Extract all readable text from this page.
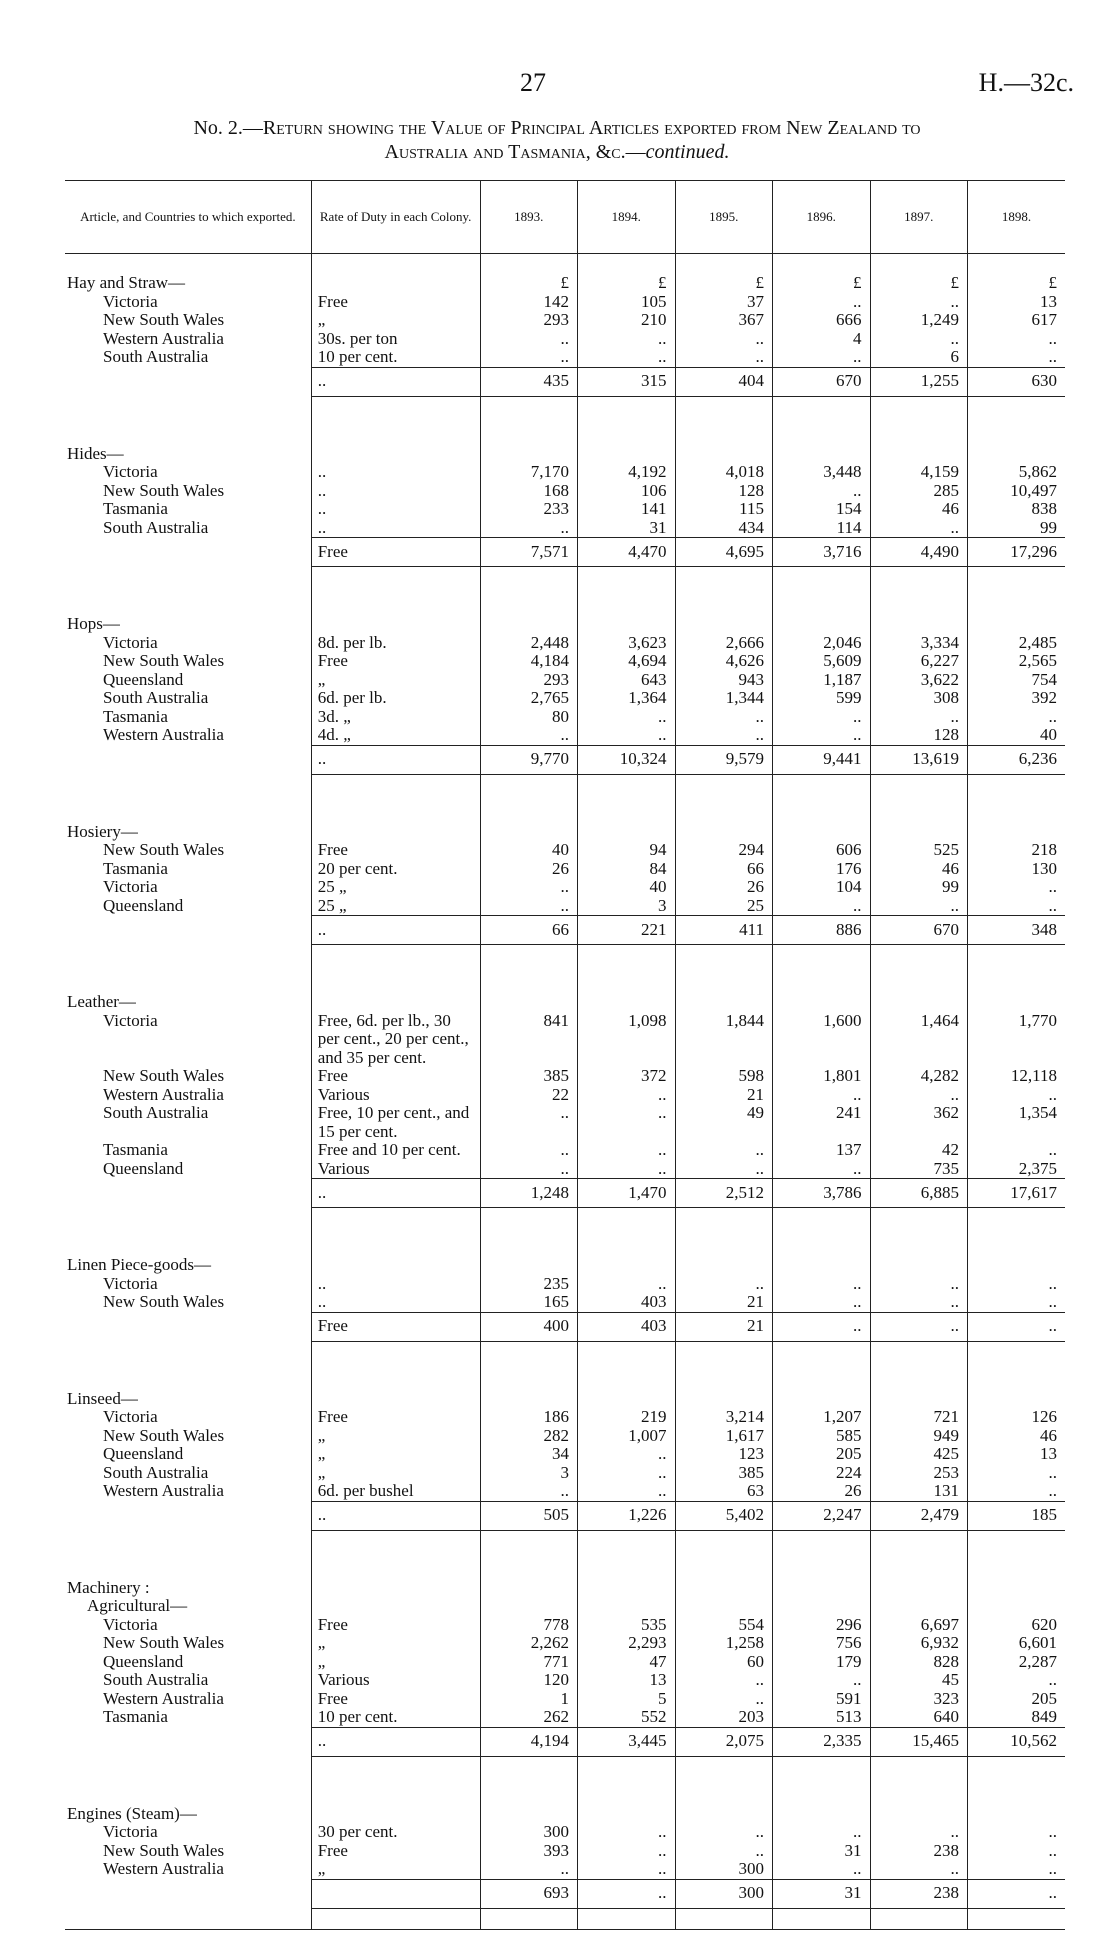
27	H.—32c.
No. 2.—Return showing the Value of Principal Articles exported from New Zealand to
Australia and Tasmania, &c.—continued.
Article, and Countries to which exported.	Rate of Duty in each Colony.	1893.	1894.	1895.	1896.	1897.	1898.

Hay and Straw—		£	£	£	£	£	£
Victoria	Free	142	105	37	..	..	13
New South Wales	„	293	210	367	666	1,249	617
Western Australia	30s. per ton	..	..	..	4	..	..
South Australia	10 per cent.	..	..	..	..	6	..

	..	435	315	404	670	1,255	630

Hides—							
Victoria	..	7,170	4,192	4,018	3,448	4,159	5,862
New South Wales	..	168	106	128	..	285	10,497
Tasmania	..	233	141	115	154	46	838
South Australia	..	..	31	434	114	..	99

	Free	7,571	4,470	4,695	3,716	4,490	17,296

Hops—							
Victoria	8d. per lb.	2,448	3,623	2,666	2,046	3,334	2,485
New South Wales	Free	4,184	4,694	4,626	5,609	6,227	2,565
Queensland	„	293	643	943	1,187	3,622	754
South Australia	6d. per lb.	2,765	1,364	1,344	599	308	392
Tasmania	3d. „	80	..	..	..	..	..
Western Australia	4d. „	..	..	..	..	128	40

	..	9,770	10,324	9,579	9,441	13,619	6,236

Hosiery—							
New South Wales	Free	40	94	294	606	525	218
Tasmania	20 per cent.	26	84	66	176	46	130
Victoria	25 „	..	40	26	104	99	..
Queensland	25 „	..	3	25	..	..	..

	..	66	221	411	886	670	348

Leather—							
Victoria	Free, 6d. per lb., 30 per cent., 20 per cent., and 35 per cent.	841	1,098	1,844	1,600	1,464	1,770
New South Wales	Free	385	372	598	1,801	4,282	12,118
Western Australia	Various	22	..	21	..	..	..
South Australia	Free, 10 per cent., and 15 per cent.	..	..	49	241	362	1,354
Tasmania	Free and 10 per cent.	..	..	..	137	42	..
Queensland	Various	..	..	..	..	735	2,375

	..	1,248	1,470	2,512	3,786	6,885	17,617

Linen Piece-goods—							
Victoria	..	235	..	..	..	..	..
New South Wales	..	165	403	21	..	..	..

	Free	400	403	21	..	..	..

Linseed—							
Victoria	Free	186	219	3,214	1,207	721	126
New South Wales	„	282	1,007	1,617	585	949	46
Queensland	„	34	..	123	205	425	13
South Australia	„	3	..	385	224	253	..
Western Australia	6d. per bushel	..	..	63	26	131	..

	..	505	1,226	5,402	2,247	2,479	185

Machinery :							
Agricultural—							
Victoria	Free	778	535	554	296	6,697	620
New South Wales	„	2,262	2,293	1,258	756	6,932	6,601
Queensland	„	771	47	60	179	828	2,287
South Australia	Various	120	13	..	..	45	..
Western Australia	Free	1	5	..	591	323	205
Tasmania	10 per cent.	262	552	203	513	640	849

	..	4,194	3,445	2,075	2,335	15,465	10,562

Engines (Steam)—							
Victoria	30 per cent.	300	..	..	..	..	..
New South Wales	Free	393	..	..	31	238	..
Western Australia	„	..	..	300	..	..	..

		693	..	300	31	238	..
